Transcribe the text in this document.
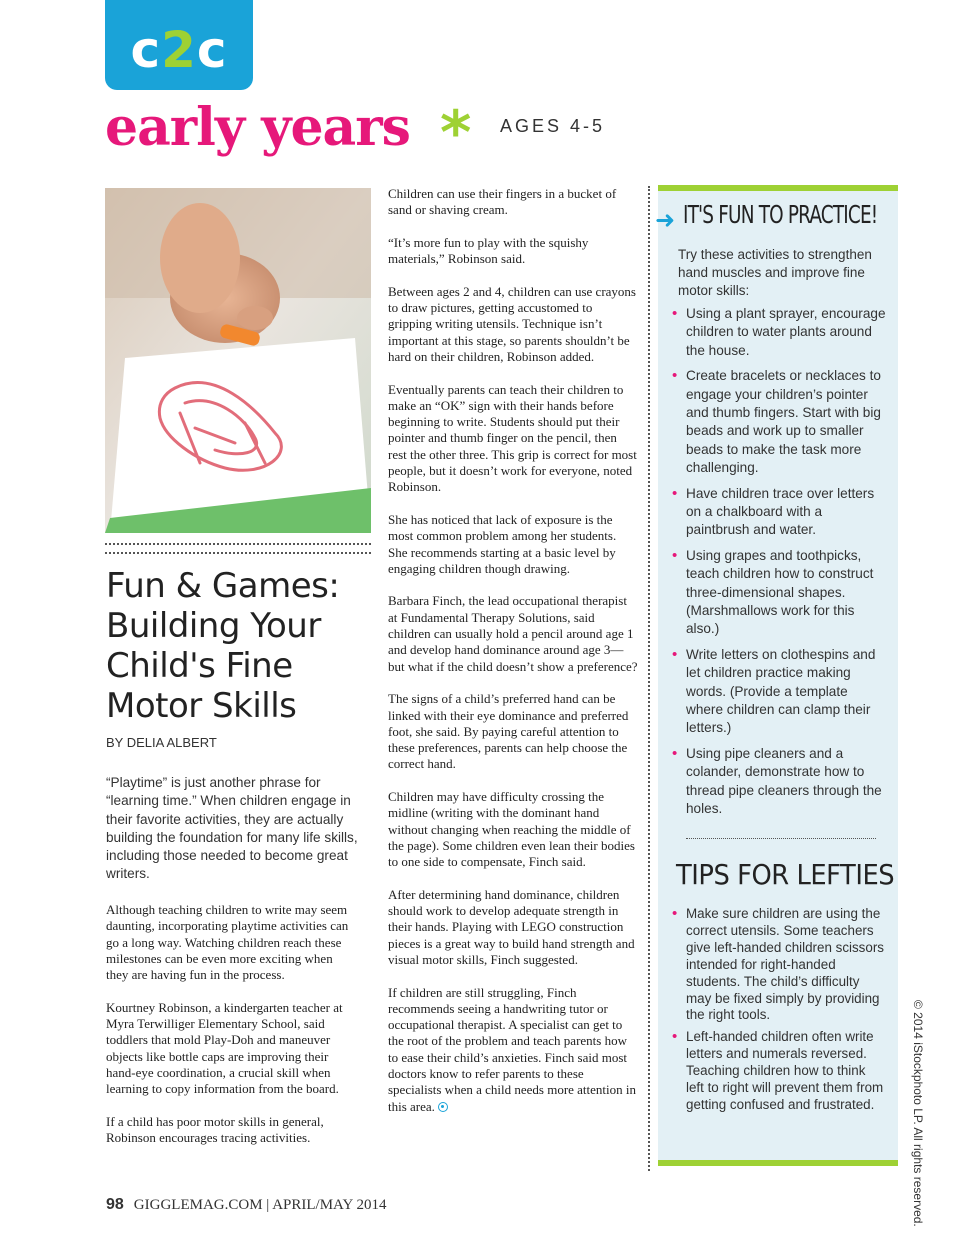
c2c
early years * AGES 4-5
Fun & Games: Building Your Child's Fine Motor Skills
BY DELIA ALBERT

“Playtime” is just another phrase for “learning time.” When children engage in their favorite activities, they are actually building the foundation for many life skills, including those needed to become great writers.

Although teaching children to write may seem daunting, incorporating playtime activities can go a long way. Watching children reach these milestones can be even more exciting when they are having fun in the process.

Kourtney Robinson, a kindergarten teacher at Myra Terwilliger Elementary School, said toddlers that mold Play-Doh and maneuver objects like bottle caps are improving their hand-eye coordination, a crucial skill when learning to copy information from the board.

If a child has poor motor skills in general, Robinson encourages tracing activities.

Children can use their fingers in a bucket of sand or shaving cream.

“It’s more fun to play with the squishy materials,” Robinson said.

Between ages 2 and 4, children can use crayons to draw pictures, getting accustomed to gripping writing utensils. Technique isn’t important at this stage, so parents shouldn’t be hard on their children, Robinson added.

Eventually parents can teach their children to make an “OK” sign with their hands before beginning to write. Students should put their pointer and thumb finger on the pencil, then rest the other three. This grip is correct for most people, but it doesn’t work for everyone, noted Robinson.

She has noticed that lack of exposure is the most common problem among her students. She recommends starting at a basic level by engaging children though drawing.

Barbara Finch, the lead occupational therapist at Fundamental Therapy Solutions, said children can usually hold a pencil around age 1 and develop hand dominance around age 3—but what if the child doesn’t show a preference?

The signs of a child’s preferred hand can be linked with their eye dominance and preferred foot, she said. By paying careful attention to these preferences, parents can help choose the correct hand.

Children may have difficulty crossing the midline (writing with the dominant hand without changing when reaching the middle of the page). Some children even lean their bodies to one side to compensate, Finch said.

After determining hand dominance, children should work to develop adequate strength in their hands. Playing with LEGO construction pieces is a great way to build hand strength and visual motor skills, Finch suggested.

If children are still struggling, Finch recommends seeing a handwriting tutor or occupational therapist. A specialist can get to the root of the problem and teach parents how to ease their child’s anxieties. Finch said most doctors know to refer parents to these specialists when a child needs more attention in this area.

➜ IT'S FUN TO PRACTICE!

Try these activities to strengthen hand muscles and improve fine motor skills:

• Using a plant sprayer, encourage children to water plants around the house.
• Create bracelets or necklaces to engage your children’s pointer and thumb fingers. Start with big beads and work up to smaller beads to make the task more challenging.
• Have children trace over letters on a chalkboard with a paintbrush and water.
• Using grapes and toothpicks, teach children how to construct three-dimensional shapes. (Marshmallows work for this also.)
• Write letters on clothespins and let children practice making words. (Provide a template where children can clamp their letters.)
• Using pipe cleaners and a colander, demonstrate how to thread pipe cleaners through the holes.
TIPS FOR LEFTIES
• Make sure children are using the correct utensils. Some teachers give left-handed children scissors intended for right-handed students. The child’s difficulty may be fixed simply by providing the right tools.
• Left-handed children often write letters and numerals reversed. Teaching children how to think left to right will prevent them from getting confused and frustrated.	© 2014 iStockphoto LP. All rights reserved.
98 GIGGLEMAG.COM | APRIL/MAY 2014
